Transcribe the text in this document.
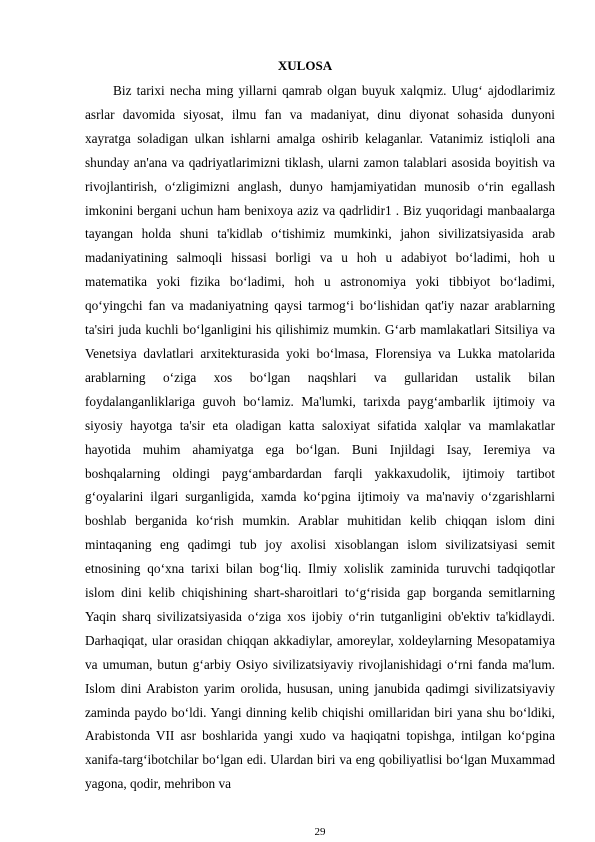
XULOSA

Biz tarixi necha ming yillarni qamrab olgan buyuk xalqmiz. Ulug‘ ajdodlarimiz asrlar davomida siyosat, ilmu fan va madaniyat, dinu diyonat sohasida dunyoni xayratga soladigan ulkan ishlarni amalga oshirib kelaganlar. Vatanimiz istiqloli ana shunday an'ana va qadriyatlarimizni tiklash, ularni zamon talablari asosida boyitish va rivojlantirish, o‘zligimizni anglash, dunyo hamjamiyatidan munosib o‘rin egallash imkonini bergani uchun ham benixoya aziz va qadrlidir1 . Biz yuqoridagi manbaalarga tayangan holda shuni ta'kidlab o‘tishimiz mumkinki, jahon sivilizatsiyasida arab madaniyatining salmoqli hissasi borligi va u hoh u adabiyot bo‘ladimi, hoh u matematika yoki fizika bo‘ladimi, hoh u astronomiya yoki tibbiyot bo‘ladimi, qo‘yingchi fan va madaniyatning qaysi tarmog‘i bo‘lishidan qat'iy nazar arablarning ta'siri juda kuchli bo‘lganligini his qilishimiz mumkin. G‘arb mamlakatlari Sitsiliya va Venetsiya davlatlari arxitekturasida yoki bo‘lmasa, Florensiya va Lukka matolarida arablarning o‘ziga xos bo‘lgan naqshlari va gullaridan ustalik bilan foydalanganliklariga guvoh bo‘lamiz. Ma'lumki, tarixda payg‘ambarlik ijtimoiy va siyosiy hayotga ta'sir eta oladigan katta saloxiyat sifatida xalqlar va mamlakatlar hayotida muhim ahamiyatga ega bo‘lgan. Buni Injildagi Isay, Ieremiya va boshqalarning oldingi payg‘ambardardan farqli yakkaxudolik, ijtimoiy tartibot g‘oyalarini ilgari surganligida, xamda ko‘pgina ijtimoiy va ma'naviy o‘zgarishlarni boshlab berganida ko‘rish mumkin. Arablar muhitidan kelib chiqqan islom dini mintaqaning eng qadimgi tub joy axolisi xisoblangan islom sivilizatsiyasi semit etnosining qo‘xna tarixi bilan bog‘liq. Ilmiy xolislik zaminida turuvchi tadqiqotlar islom dini kelib chiqishining shart-sharoitlari to‘g‘risida gap borganda semitlarning Yaqin sharq sivilizatsiyasida o‘ziga xos ijobiy o‘rin tutganligini ob'ektiv ta'kidlaydi. Darhaqiqat, ular orasidan chiqqan akkadiylar, amoreylar, xoldeylarning Mesopatamiya va umuman, butun g‘arbiy Osiyo sivilizatsiyaviy rivojlanishidagi o‘rni fanda ma'lum. Islom dini Arabiston yarim orolida, hususan, uning janubida qadimgi sivilizatsiyaviy zaminda paydo bo‘ldi. Yangi dinning kelib chiqishi omillaridan biri yana shu bo‘ldiki, Arabistonda VII asr boshlarida yangi xudo va haqiqatni topishga, intilgan ko‘pgina xanifa-targ‘ibotchilar bo‘lgan edi. Ulardan biri va eng qobiliyatlisi bo‘lgan Muxammad yagona, qodir, mehribon va

29
